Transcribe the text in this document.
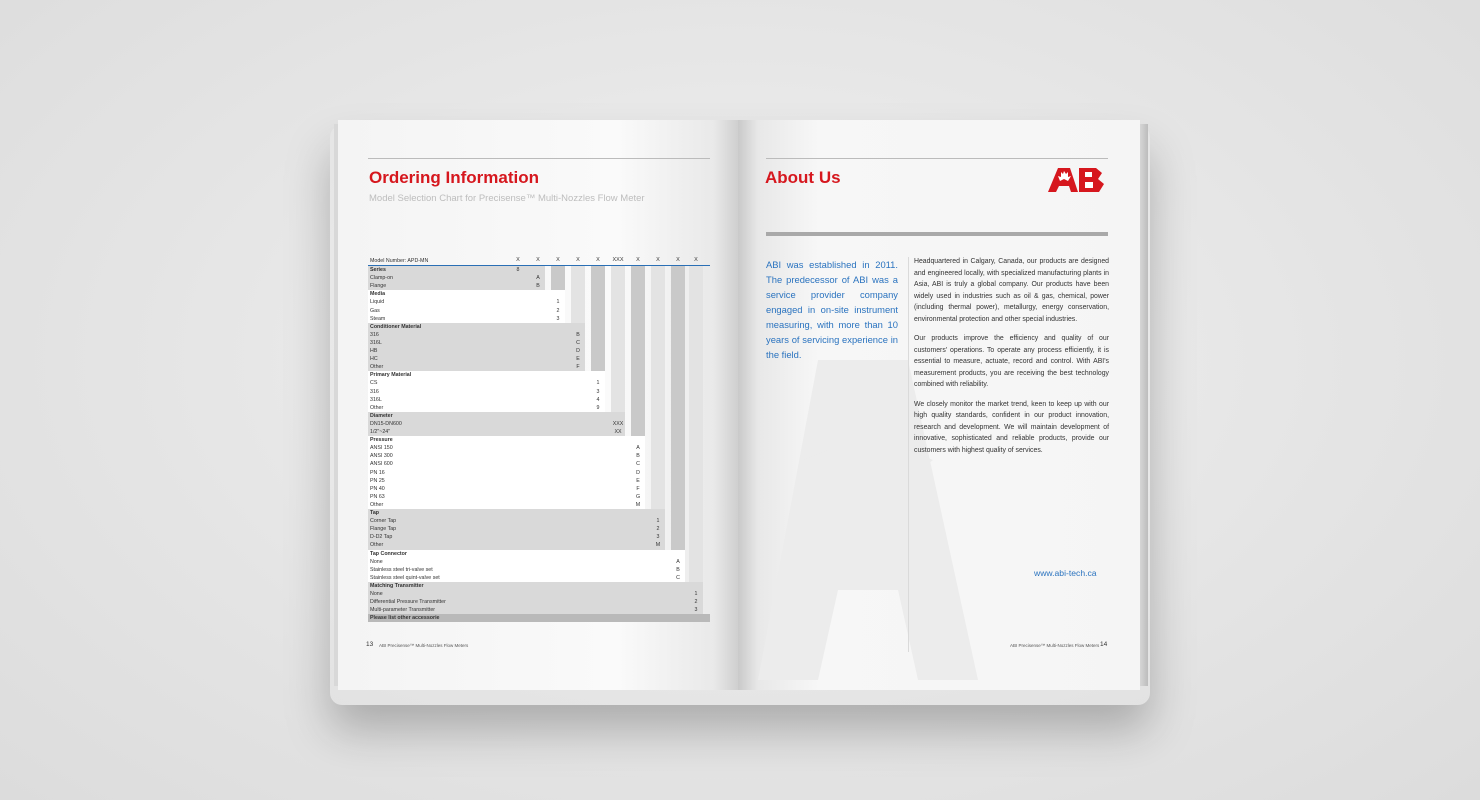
Ordering Information
Model Selection Chart for Precisense™ Multi-Nozzles Flow Meter
Model Number: APD-MN	X	X	X	X	X	XXX	X	X	X	X
Series	8
Clamp-on	A
Flange	B
Media
Liquid	1
Gas	2
Steam	3
Conditioner Material
316	B
316L	C
HB	D
HC	E
Other	F
Primary Material
CS	1
316	3
316L	4
Other	9
Diameter
DN15-DN600	XXX
1/2"~24"	XX
Pressure
ANSI 150	A
ANSI 300	B
ANSI 600	C
PN 16	D
PN 25	E
PN 40	F
PN 63	G
Other	M
Tap
Corner Tap	1
Flange Tap	2
D-D2 Tap	3
Other	M
Tap Connector
None	A
Stainless steel tri-valve set	B
Stainless steel quint-valve set	C
Matching Transmitter
None	1
Differential Pressure Transmitter	2
Multi-parameter Transmitter	3
Please list other accessorie
13 ABI Precisense™ Multi-Nozzles Flow Meters
About Us	ABI
ABI was established in 2011. The predecessor of ABI was a service provider company engaged in on-site instrument measuring, with more than 10 years of servicing experience in the field.

Headquartered in Calgary, Canada, our products are designed and engineered locally, with specialized manufacturing plants in Asia, ABI is truly a global company. Our products have been widely used in industries such as oil & gas, chemical, power (including thermal power), metallurgy, energy conservation, environmental protection and other special industries.

Our products improve the efficiency and quality of our customers' operations. To operate any process efficiently, it is essential to measure, actuate, record and control. With ABI's measurement products, you are receiving the best technology combined with reliability.

We closely monitor the market trend, keen to keep up with our high quality standards, confident in our product innovation, research and development. We will maintain development of innovative, sophisticated and reliable products, provide our customers with highest quality of services.

www.abi-tech.ca
ABI Precisense™ Multi-Nozzles Flow Meters 14
